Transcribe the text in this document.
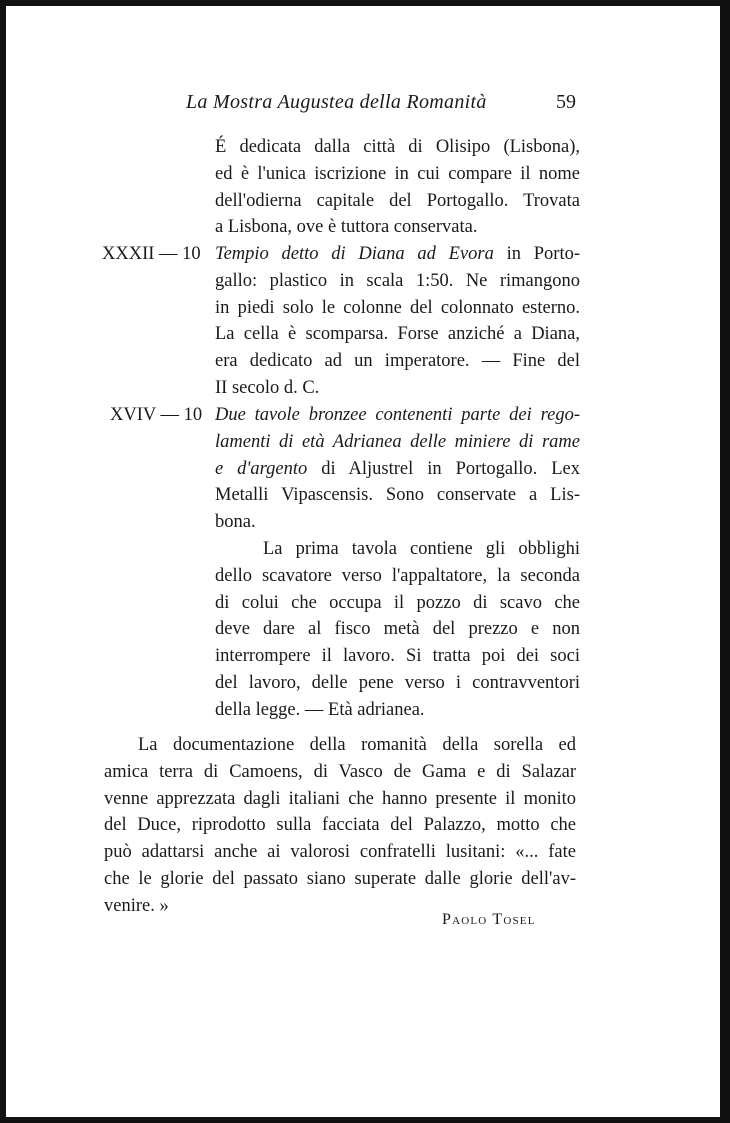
La Mostra Augustea della Romanità	59
É dedicata dalla città di Olisipo (Lisbona),
ed è l'unica iscrizione in cui compare il nome
dell'odierna capitale del Portogallo. Trovata
a Lisbona, ove è tuttora conservata.
XXXII — 10 Tempio detto di Diana ad Evora in Porto-
gallo: plastico in scala 1:50. Ne rimangono
in piedi solo le colonne del colonnato esterno.
La cella è scomparsa. Forse anziché a Diana,
era dedicato ad un imperatore. — Fine del
II secolo d. C.
XVIV — 10 Due tavole bronzee contenenti parte dei rego-
lamenti di età Adrianea delle miniere di rame
e d'argento di Aljustrel in Portogallo. Lex
Metalli Vipascensis. Sono conservate a Lis-
bona.
La prima tavola contiene gli obblighi
dello scavatore verso l'appaltatore, la seconda
di colui che occupa il pozzo di scavo che
deve dare al fisco metà del prezzo e non
interrompere il lavoro. Si tratta poi dei soci
del lavoro, delle pene verso i contravventori
della legge. — Età adrianea.
La documentazione della romanità della sorella ed
amica terra di Camoens, di Vasco de Gama e di Salazar
venne apprezzata dagli italiani che hanno presente il monito
del Duce, riprodotto sulla facciata del Palazzo, motto che
può adattarsi anche ai valorosi confratelli lusitani: «... fate
che le glorie del passato siano superate dalle glorie dell'av-
venire. »
Paolo Tosel
